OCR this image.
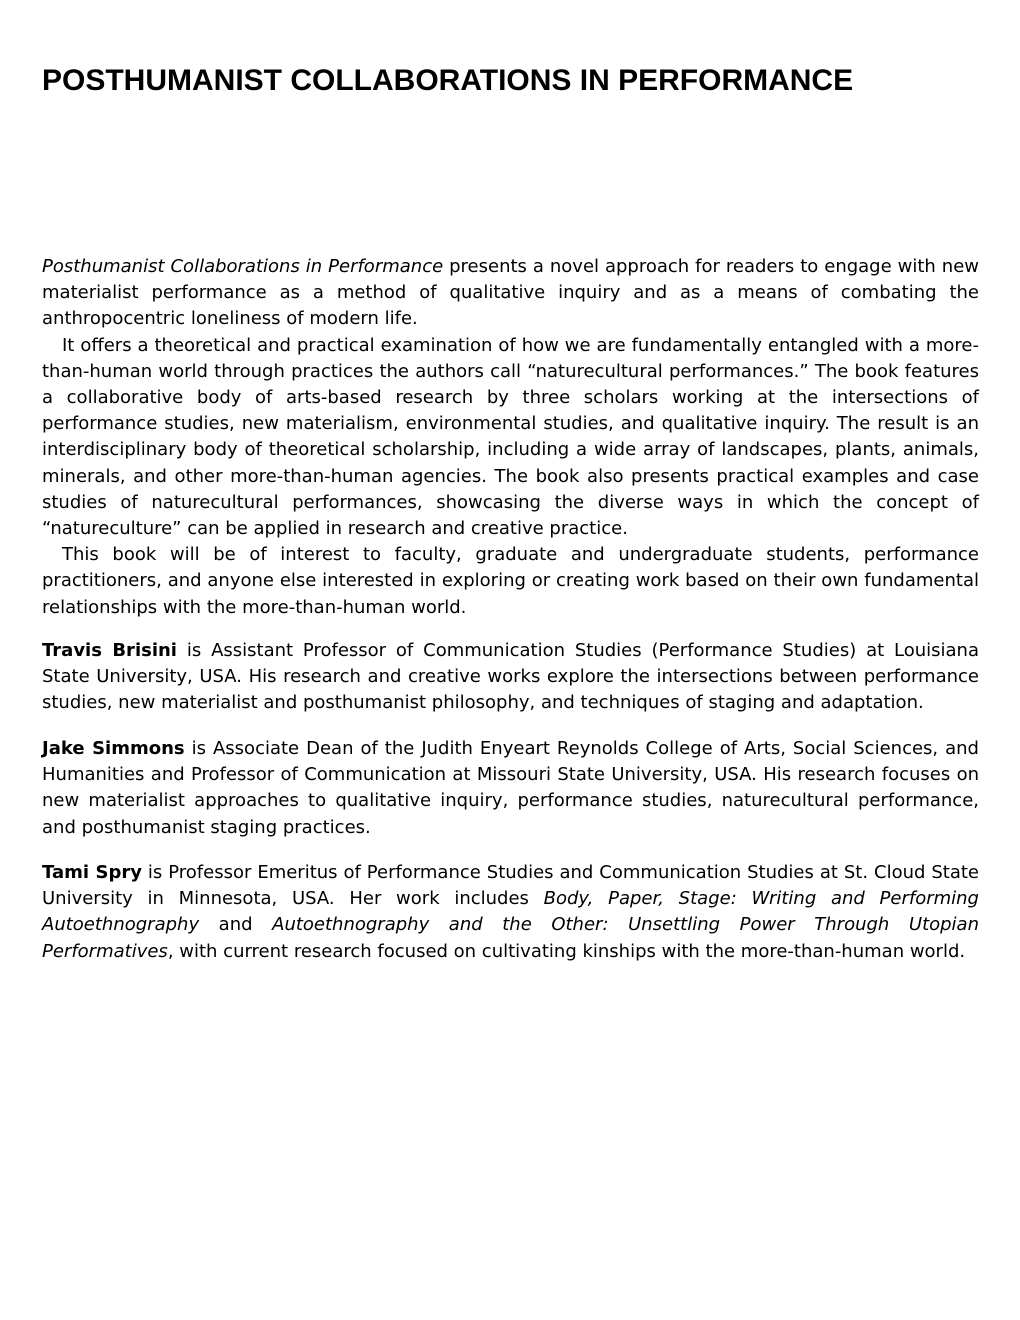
POSTHUMANIST COLLABORATIONS IN PERFORMANCE

Posthumanist Collaborations in Performance presents a novel approach for readers to engage with new materialist performance as a method of qualitative inquiry and as a means of combating the anthropocentric loneliness of modern life.

It offers a theoretical and practical examination of how we are fundamentally entangled with a more-than-human world through practices the authors call “naturecultural performances.” The book features a collaborative body of arts-based research by three scholars working at the intersections of performance studies, new materialism, environmental studies, and qualitative inquiry. The result is an interdisciplinary body of theoretical scholarship, including a wide array of landscapes, plants, animals, minerals, and other more-than-human agencies. The book also presents practical examples and case studies of naturecultural performances, showcasing the diverse ways in which the concept of “natureculture” can be applied in research and creative practice.

This book will be of interest to faculty, graduate and undergraduate students, performance practitioners, and anyone else interested in exploring or creating work based on their own fundamental relationships with the more-than-human world.

Travis Brisini is Assistant Professor of Communication Studies (Performance Studies) at Louisiana State University, USA. His research and creative works explore the intersections between performance studies, new materialist and posthumanist philosophy, and techniques of staging and adaptation.

Jake Simmons is Associate Dean of the Judith Enyeart Reynolds College of Arts, Social Sciences, and Humanities and Professor of Communication at Missouri State University, USA. His research focuses on new materialist approaches to qualitative inquiry, performance studies, naturecultural performance, and posthumanist staging practices.

Tami Spry is Professor Emeritus of Performance Studies and Communication Studies at St. Cloud State University in Minnesota, USA. Her work includes Body, Paper, Stage: Writing and Performing Autoethnography and Autoethnography and the Other: Unsettling Power Through Utopian Performatives, with current research focused on cultivating kinships with the more-than-human world.
